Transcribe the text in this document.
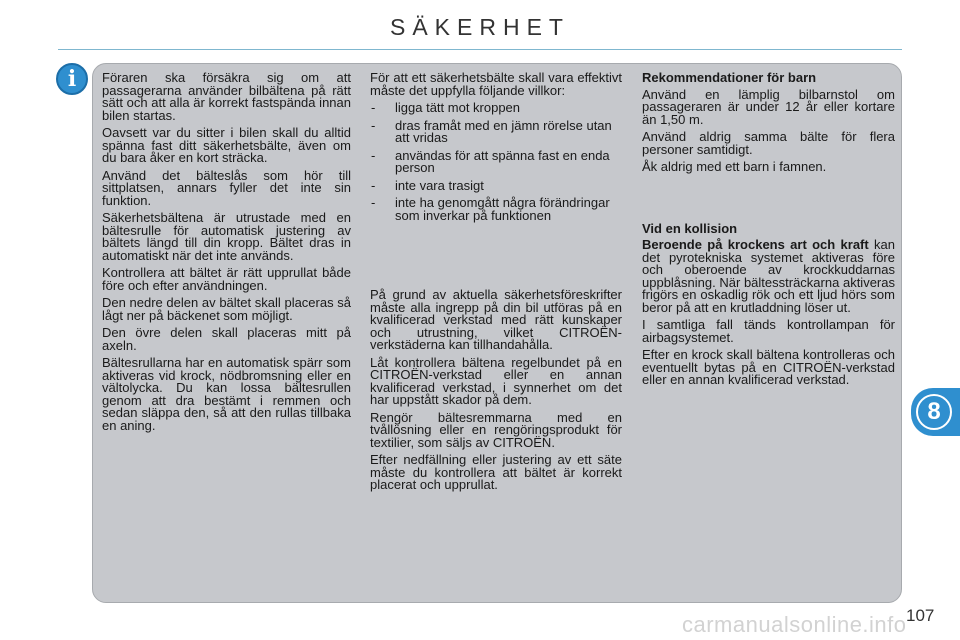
SÄKERHET
i	Föraren ska försäkra sig om att passagerarna använder bilbältena på rätt sätt och att alla är korrekt fastspända innan bilen startas.

Oavsett var du sitter i bilen skall du alltid spänna fast ditt säkerhetsbälte, även om du bara åker en kort sträcka.

Använd det bälteslås som hör till sittplatsen, annars fyller det inte sin funktion.

Säkerhetsbältena är utrustade med en bältesrulle för automatisk justering av bältets längd till din kropp. Bältet dras in automatiskt när det inte används.

Kontrollera att bältet är rätt upprullat både före och efter användningen.

Den nedre delen av bältet skall placeras så lågt ner på bäckenet som möjligt.

Den övre delen skall placeras mitt på axeln.

Bältesrullarna har en automatisk spärr som aktiveras vid krock, nödbromsning eller en vältolycka. Du kan lossa bältesrullen genom att dra bestämt i remmen och sedan släppa den, så att den rullas tillbaka en aning.

För att ett säkerhetsbälte skall vara effektivt måste det uppfylla följande villkor:

- ligga tätt mot kroppen
- dras framåt med en jämn rörelse utan att vridas
- användas för att spänna fast en enda person
- inte vara trasigt
- inte ha genomgått några förändringar som inverkar på funktionen

På grund av aktuella säkerhetsföreskrifter måste alla ingrepp på din bil utföras på en kvalificerad verkstad med rätt kunskaper och utrustning, vilket CITROËN-verkstäderna kan tillhandahålla.

Låt kontrollera bältena regelbundet på en CITROËN-verkstad eller en annan kvalificerad verkstad, i synnerhet om det har uppstått skador på dem.

Rengör bältesremmarna med en tvållösning eller en rengöringsprodukt för textilier, som säljs av CITROËN.

Efter nedfällning eller justering av ett säte måste du kontrollera att bältet är korrekt placerat och upprullat.

Rekommendationer för barn

Använd en lämplig bilbarnstol om passageraren är under 12 år eller kortare än 1,50 m.

Använd aldrig samma bälte för flera personer samtidigt.

Åk aldrig med ett barn i famnen.

Vid en kollision

Beroende på krockens art och kraft kan det pyrotekniska systemet aktiveras före och oberoende av krockkuddarnas uppblåsning. När bältessträckarna aktiveras frigörs en oskadlig rök och ett ljud hörs som beror på att en krutladdning löser ut.

I samtliga fall tänds kontrollampan för airbagsystemet.

Efter en krock skall bältena kontrolleras och eventuellt bytas på en CITROËN-verkstad eller en annan kvalificerad verkstad.

8
107
carmanualsonline.info
